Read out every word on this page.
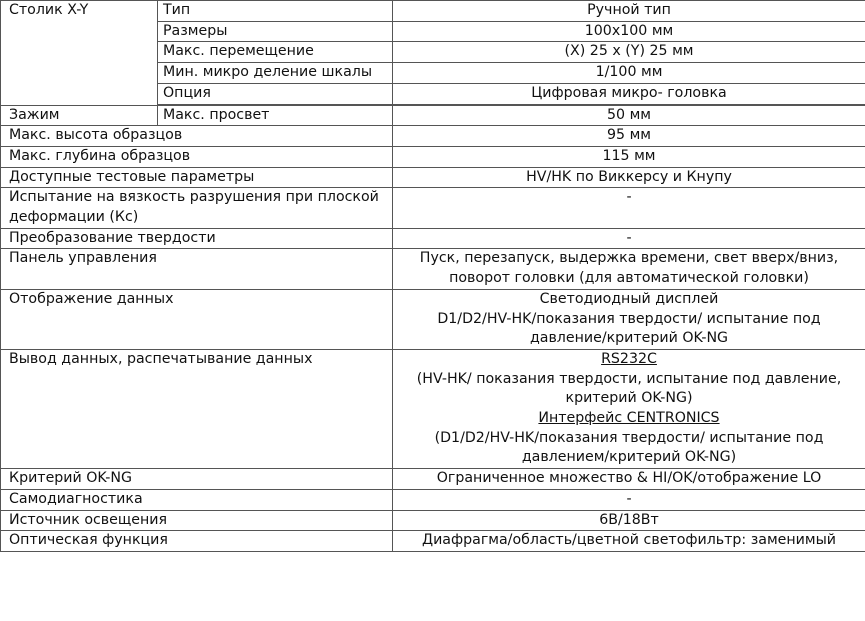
Столик X-Y	Тип	Ручной тип
	Размеры	100x100 мм
	Макс. перемещение	(X) 25 x (Y) 25 мм
	Мин. микро деление шкалы	1/100 мм
	Опция	Цифровая микро- головка

Зажим	Макс. просвет	50 мм
Макс. высота образцов		95 мм
Макс. глубина образцов		115 мм
Доступные тестовые параметры		HV/HK по Виккерсу и Кнупу
Испытание на вязкость разрушения при плоской деформации (Кс)		-
Преобразование твердости		-
Панель управления		Пуск, перезапуск, выдержка времени, свет вверх/вниз, поворот головки (для автоматической головки)
Отображение данных		Светодиодный дисплей
D1/D2/HV-HK/показания твердости/ испытание под давление/критерий OK-NG

Вывод данных, распечатывание данных		RS232C
(HV-HK/ показания твердости, испытание под давление, критерий OK-NG)
Интерфейс CENTRONICS
(D1/D2/HV-HK/показания твердости/ испытание под давлением/критерий OK-NG)

Критерий OK-NG		Ограниченное множество & HI/OK/отображение LO
Самодиагностика		-
Источник освещения		6В/18Вт
Оптическая функция		Диафрагма/область/цветной светофильтр: заменимый
